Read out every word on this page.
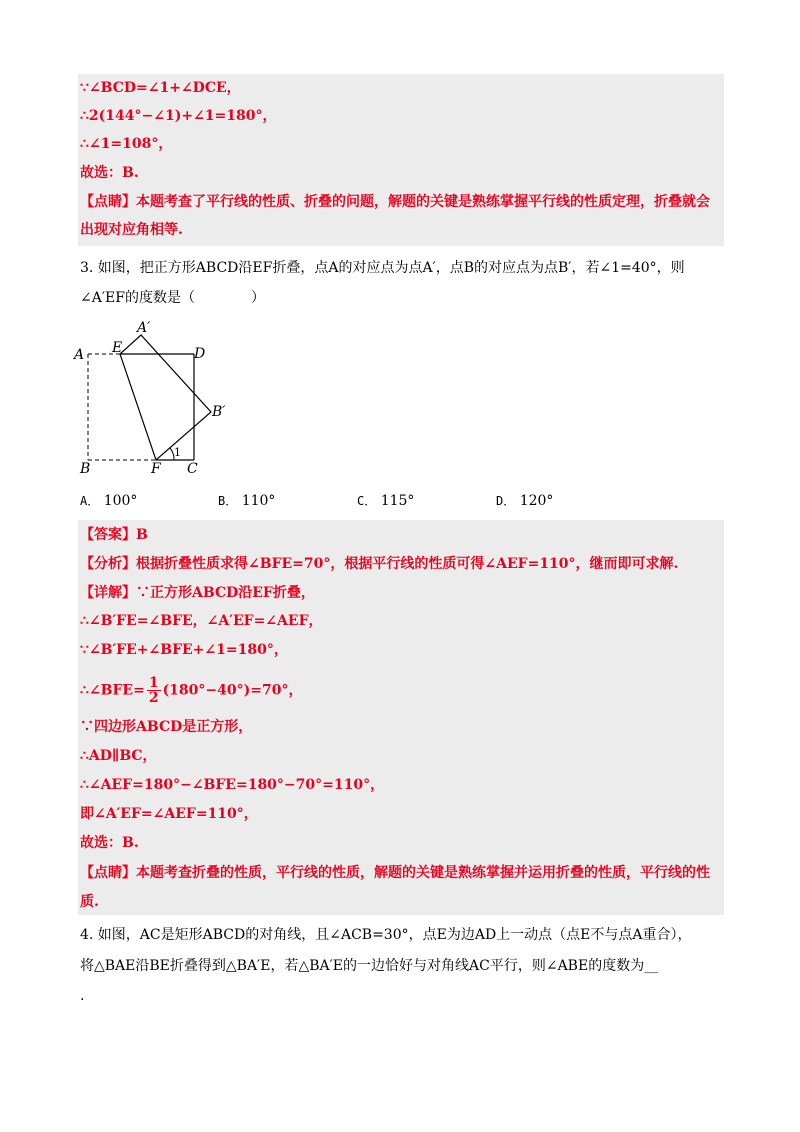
∵∠BCD=∠1+∠DCE，
∴2(144°−∠1)+∠1=180°，
∴∠1=108°，
故选：B.
【点睛】本题考查了平行线的性质、折叠的问题，解题的关键是熟练掌握平行线的性质定理，折叠就会
出现对应角相等.
3. 如图，把正方形ABCD沿EF折叠，点A的对应点为点A′，点B的对应点为点B′，若∠1=40°，则
∠A′EF的度数是（　　　　）
A E
A′
D
B′
B	F C
1
A． 100°	B． 110°	C． 115°	D． 120°
【答案】B
【分析】根据折叠性质求得∠BFE=70°，根据平行线的性质可得∠AEF=110°，继而即可求解.
【详解】∵正方形ABCD沿EF折叠，
∴∠B′FE=∠BFE，∠A′EF=∠AEF，
∵∠B′FE+∠BFE+∠1=180°，
∴∠BFE= $\frac{1}{2} (180^\circ-40^\circ)=70^\circ$，
∵四边形ABCD是正方形，
∴AD∥BC，
∴∠AEF=180°−∠BFE=180°−70°=110°，
即∠A′EF=∠AEF=110°，
故选：B.
【点睛】本题考查折叠的性质，平行线的性质，解题的关键是熟练掌握并运用折叠的性质，平行线的性
质.
4. 如图，AC是矩形ABCD的对角线，且∠ACB=30°，点E为边AD上一动点（点E不与点A重合），
将△BAE沿BE折叠得到△BA′E，若△BA′E的一边恰好与对角线AC平行，则∠ABE的度数为__
.
